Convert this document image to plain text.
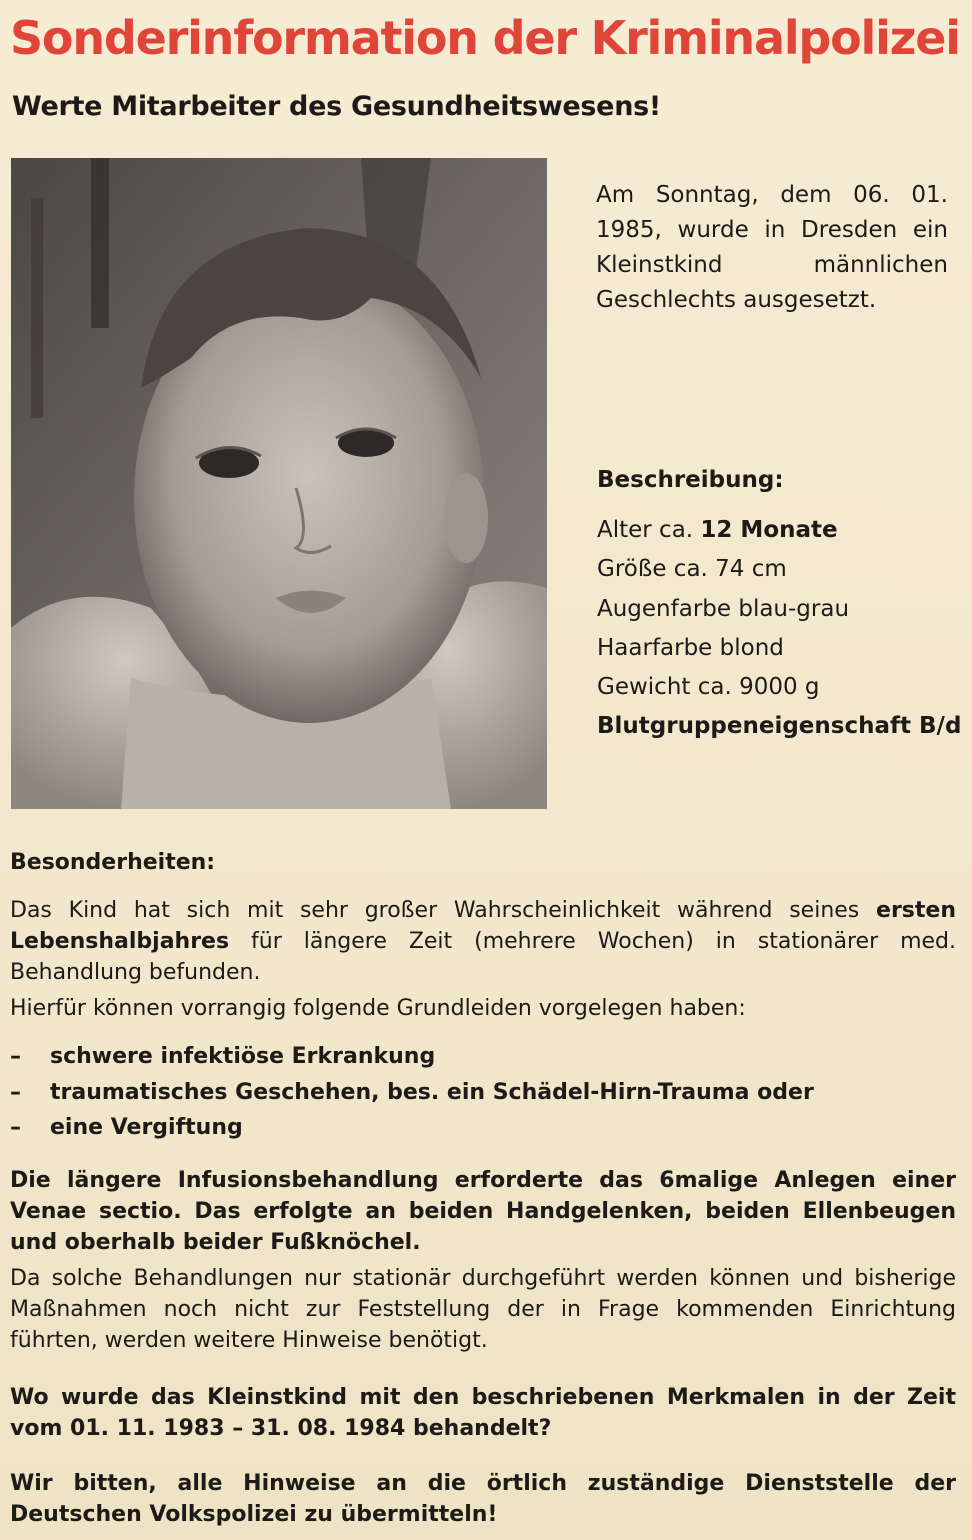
Sonderinformation der Kriminalpolizei
Werte Mitarbeiter des Gesundheitswesens!
Am Sonntag, dem 06. 01. 1985, wurde in Dresden ein Kleinstkind männlichen Geschlechts ausgesetzt.
Beschreibung:
Alter ca. 12 Monate
Größe ca. 74 cm
Augenfarbe blau-grau
Haarfarbe blond
Gewicht ca. 9000 g
Blutgruppeneigenschaft B/d
Besonderheiten:
Das Kind hat sich mit sehr großer Wahrscheinlichkeit während seines ersten Lebenshalbjahres für längere Zeit (mehrere Wochen) in stationärer med. Behandlung befunden.
Hierfür können vorrangig folgende Grundleiden vorgelegen haben:
– schwere infektiöse Erkrankung
– traumatisches Geschehen, bes. ein Schädel-Hirn-Trauma oder
– eine Vergiftung
Die längere Infusionsbehandlung erforderte das 6malige Anlegen einer Venae sectio. Das erfolgte an beiden Handgelenken, beiden Ellenbeugen und oberhalb beider Fußknöchel.
Da solche Behandlungen nur stationär durchgeführt werden können und bisherige Maßnahmen noch nicht zur Feststellung der in Frage kommenden Einrichtung führten, werden weitere Hinweise benötigt.
Wo wurde das Kleinstkind mit den beschriebenen Merkmalen in der Zeit vom 01. 11. 1983 – 31. 08. 1984 behandelt?
Wir bitten, alle Hinweise an die örtlich zuständige Dienststelle der Deutschen Volkspolizei zu übermitteln!
